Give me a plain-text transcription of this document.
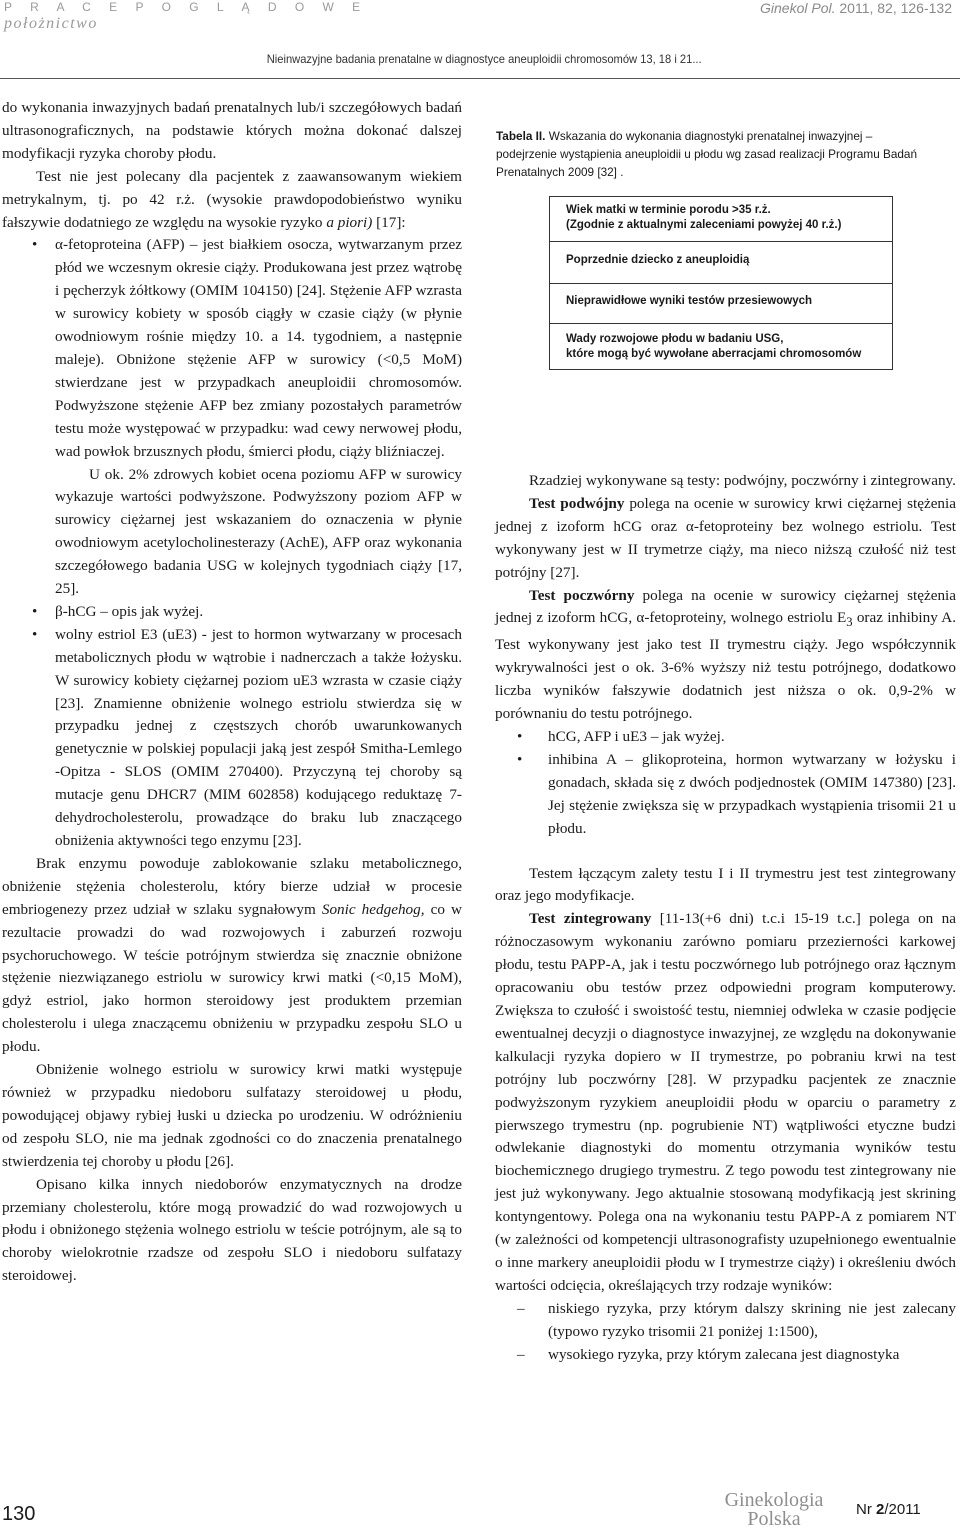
P R A C E P O G L Ą D O W E
położnictwo
Ginekol Pol. 2011, 82, 126-132
Nieinwazyjne badania prenatalne w diagnostyce aneuploidii chromosomów 13, 18 i 21...

do wykonania inwazyjnych badań prenatalnych lub/i szczegółowych badań ultrasonograficznych, na podstawie których można dokonać dalszej modyfikacji ryzyka choroby płodu.

Test nie jest polecany dla pacjentek z zaawansowanym wiekiem metrykalnym, tj. po 42 r.ż. (wysokie prawdopodobieństwo wyniku fałszywie dodatniego ze względu na wysokie ryzyko a piori) [17]:

• α-fetoproteina (AFP) – jest białkiem osocza, wytwarzanym przez płód we wczesnym okresie ciąży. Produkowana jest przez wątrobę i pęcherzyk żółtkowy (OMIM 104150) [24]. Stężenie AFP wzrasta w surowicy kobiety w sposób ciągły w czasie ciąży (w płynie owodniowym rośnie między 10. a 14. tygodniem, a następnie maleje). Obniżone stężenie AFP w surowicy (<0,5 MoM) stwierdzane jest w przypadkach aneuploidii chromosomów. Podwyższone stężenie AFP bez zmiany pozostałych parametrów testu może występować w przypadku: wad cewy nerwowej płodu, wad powłok brzusznych płodu, śmierci płodu, ciąży bliźniaczej.

U ok. 2% zdrowych kobiet ocena poziomu AFP w surowicy wykazuje wartości podwyższone. Podwyższony poziom AFP w surowicy ciężarnej jest wskazaniem do oznaczenia w płynie owodniowym acetylocholinesterazy (AchE), AFP oraz wykonania szczegółowego badania USG w kolejnych tygodniach ciąży [17, 25].

• β-hCG – opis jak wyżej.

• wolny estriol E3 (uE3) - jest to hormon wytwarzany w procesach metabolicznych płodu w wątrobie i nadnerczach a także łożysku. W surowicy kobiety ciężarnej poziom uE3 wzrasta w czasie ciąży [23]. Znamienne obniżenie wolnego estriolu stwierdza się w przypadku jednej z częstszych chorób uwarunkowanych genetycznie w polskiej populacji jaką jest zespół Smitha-Lemlego -Opitza - SLOS (OMIM 270400). Przyczyną tej choroby są mutacje genu DHCR7 (MIM 602858) kodującego reduktazę 7-dehydrocholesterolu, prowadzące do braku lub znaczącego obniżenia aktywności tego enzymu [23].

Brak enzymu powoduje zablokowanie szlaku metabolicznego, obniżenie stężenia cholesterolu, który bierze udział w procesie embriogenezy przez udział w szlaku sygnałowym Sonic hedgehog, co w rezultacie prowadzi do wad rozwojowych i zaburzeń rozwoju psychoruchowego. W teście potrójnym stwierdza się znacznie obniżone stężenie niezwiązanego estriolu w surowicy krwi matki (<0,15 MoM), gdyż estriol, jako hormon steroidowy jest produktem przemian cholesterolu i ulega znaczącemu obniżeniu w przypadku zespołu SLO u płodu.

Obniżenie wolnego estriolu w surowicy krwi matki występuje również w przypadku niedoboru sulfatazy steroidowej u płodu, powodującej objawy rybiej łuski u dziecka po urodzeniu. W odróżnieniu od zespołu SLO, nie ma jednak zgodności co do znaczenia prenatalnego stwierdzenia tej choroby u płodu [26].

Opisano kilka innych niedoborów enzymatycznych na drodze przemiany cholesterolu, które mogą prowadzić do wad rozwojowych u płodu i obniżonego stężenia wolnego estriolu w teście potrójnym, ale są to choroby wielokrotnie rzadsze od zespołu SLO i niedoboru sulfatazy steroidowej.

Tabela II. Wskazania do wykonania diagnostyki prenatalnej inwazyjnej – podejrzenie wystąpienia aneuploidii u płodu wg zasad realizacji Programu Badań Prenatalnych 2009 [32] .
Wiek matki w terminie porodu >35 r.ż.
(Zgodnie z aktualnymi zaleceniami powyżej 40 r.ż.)
Poprzednie dziecko z aneuploidią
Nieprawidłowe wyniki testów przesiewowych
Wady rozwojowe płodu w badaniu USG,
które mogą być wywołane aberracjami chromosomów

Rzadziej wykonywane są testy: podwójny, poczwórny i zintegrowany.

Test podwójny polega na ocenie w surowicy krwi ciężarnej stężenia jednej z izoform hCG oraz α-fetoproteiny bez wolnego estriolu. Test wykonywany jest w II trymetrze ciąży, ma nieco niższą czułość niż test potrójny [27].

Test poczwórny polega na ocenie w surowicy ciężarnej stężenia jednej z izoform hCG, α-fetoproteiny, wolnego estriolu $E_3$ oraz inhibiny A. Test wykonywany jest jako test II trymestru ciąży. Jego współczynnik wykrywalności jest o ok. 3-6% wyższy niż testu potrójnego, dodatkowo liczba wyników fałszywie dodatnich jest niższa o ok. 0,9-2% w porównaniu do testu potrójnego.

• hCG, AFP i uE3 – jak wyżej.

• inhibina A – glikoproteina, hormon wytwarzany w łożysku i gonadach, składa się z dwóch podjednostek (OMIM 147380) [23]. Jej stężenie zwiększa się w przypadkach wystąpienia trisomii 21 u płodu.

Testem łączącym zalety testu I i II trymestru jest test zintegrowany oraz jego modyfikacje.

Test zintegrowany [11-13(+6 dni) t.c.i 15-19 t.c.] polega on na różnoczasowym wykonaniu zarówno pomiaru przezierności karkowej płodu, testu PAPP-A, jak i testu poczwórnego lub potrójnego oraz łącznym opracowaniu obu testów przez odpowiedni program komputerowy. Zwiększa to czułość i swoistość testu, niemniej odwleka w czasie podjęcie ewentualnej decyzji o diagnostyce inwazyjnej, ze względu na dokonywanie kalkulacji ryzyka dopiero w II trymestrze, po pobraniu krwi na test potrójny lub poczwórny [28]. W przypadku pacjentek ze znacznie podwyższonym ryzykiem aneuploidii płodu w oparciu o parametry z pierwszego trymestru (np. pogrubienie NT) wątpliwości etyczne budzi odwlekanie diagnostyki do momentu otrzymania wyników testu biochemicznego drugiego trymestru. Z tego powodu test zintegrowany nie jest już wykonywany. Jego aktualnie stosowaną modyfikacją jest skrining kontyngentowy. Polega ona na wykonaniu testu PAPP-A z pomiarem NT (w zależności od kompetencji ultrasonografisty uzupełnionego ewentualnie o inne markery aneuploidii płodu w I trymestrze ciąży) i określeniu dwóch wartości odcięcia, określających trzy rodzaje wyników:

– niskiego ryzyka, przy którym dalszy skrining nie jest zalecany (typowo ryzyko trisomii 21 poniżej 1:1500),

– wysokiego ryzyka, przy którym zalecana jest diagnostyka

130
Ginekologia
Polska	Nr 2/2011
